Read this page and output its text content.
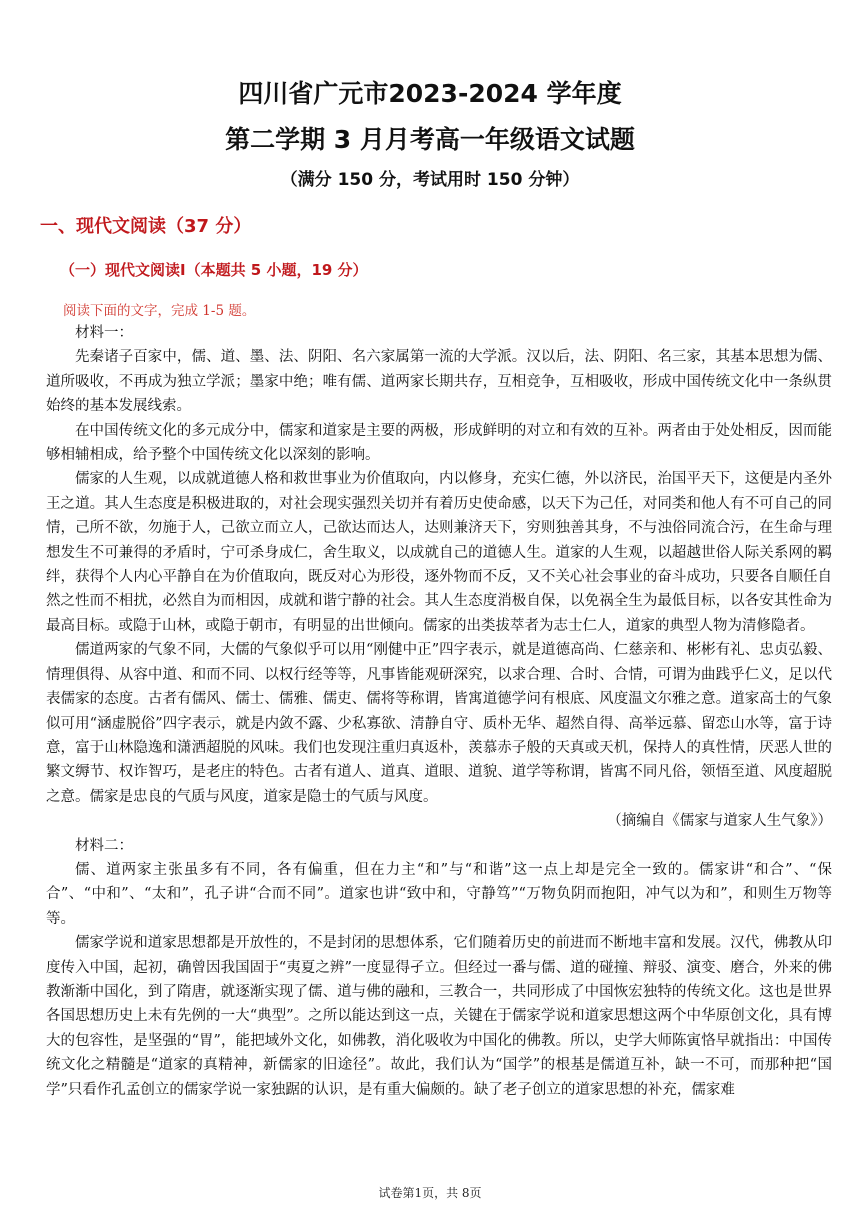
四川省广元市2023-2024 学年度
第二学期 3 月月考高一年级语文试题
（满分 150 分，考试用时 150 分钟）
一、现代文阅读（37 分）
（一）现代文阅读Ⅰ（本题共 5 小题，19 分）
阅读下面的文字，完成 1-5 题。

材料一：

先秦诸子百家中，儒、道、墨、法、阴阳、名六家属第一流的大学派。汉以后，法、阴阳、名三家，其基本思想为儒、道所吸收，不再成为独立学派；墨家中绝；唯有儒、道两家长期共存，互相竞争，互相吸收，形成中国传统文化中一条纵贯始终的基本发展线索。

在中国传统文化的多元成分中，儒家和道家是主要的两极，形成鲜明的对立和有效的互补。两者由于处处相反，因而能够相辅相成，给予整个中国传统文化以深刻的影响。

儒家的人生观，以成就道德人格和救世事业为价值取向，内以修身，充实仁德，外以济民，治国平天下，这便是内圣外王之道。其人生态度是积极进取的，对社会现实强烈关切并有着历史使命感，以天下为己任，对同类和他人有不可自己的同情，己所不欲，勿施于人，己欲立而立人，己欲达而达人，达则兼济天下，穷则独善其身，不与浊俗同流合污，在生命与理想发生不可兼得的矛盾时，宁可杀身成仁，舍生取义，以成就自己的道德人生。道家的人生观，以超越世俗人际关系网的羁绊，获得个人内心平静自在为价值取向，既反对心为形役，逐外物而不反，又不关心社会事业的奋斗成功，只要各自顺任自然之性而不相扰，必然自为而相因，成就和谐宁静的社会。其人生态度消极自保，以免祸全生为最低目标，以各安其性命为最高目标。或隐于山林，或隐于朝市，有明显的出世倾向。儒家的出类拔萃者为志士仁人，道家的典型人物为清修隐者。

儒道两家的气象不同，大儒的气象似乎可以用“刚健中正”四字表示，就是道德高尚、仁慈亲和、彬彬有礼、忠贞弘毅、情理俱得、从容中道、和而不同、以权行经等等，凡事皆能观研深究，以求合理、合时、合情，可谓为曲践乎仁义，足以代表儒家的态度。古者有儒风、儒士、儒雅、儒吏、儒将等称谓，皆寓道德学问有根底、风度温文尔雅之意。道家高士的气象似可用“涵虚脱俗”四字表示，就是内敛不露、少私寡欲、清静自守、质朴无华、超然自得、高举远慕、留恋山水等，富于诗意，富于山林隐逸和潇洒超脱的风味。我们也发现注重归真返朴，羡慕赤子般的天真或天机，保持人的真性情，厌恶人世的繁文缛节、权诈智巧，是老庄的特色。古者有道人、道真、道眼、道貌、道学等称谓，皆寓不同凡俗，领悟至道、风度超脱之意。儒家是忠良的气质与风度，道家是隐士的气质与风度。

（摘编自《儒家与道家人生气象》）

材料二：

儒、道两家主张虽多有不同，各有偏重，但在力主“和”与“和谐”这一点上却是完全一致的。儒家讲“和合”、“保合”、“中和”、“太和”，孔子讲“合而不同”。道家也讲“致中和，守静笃”“万物负阴而抱阳，冲气以为和”，和则生万物等等。

儒家学说和道家思想都是开放性的，不是封闭的思想体系，它们随着历史的前进而不断地丰富和发展。汉代，佛教从印度传入中国，起初，确曾因我国固于“夷夏之辨”一度显得孑立。但经过一番与儒、道的碰撞、辩驳、演变、磨合，外来的佛教渐渐中国化，到了隋唐，就逐渐实现了儒、道与佛的融和，三教合一，共同形成了中国恢宏独特的传统文化。这也是世界各国思想历史上未有先例的一大“典型”。之所以能达到这一点，关键在于儒家学说和道家思想这两个中华原创文化，具有博大的包容性，是坚强的“胃”，能把域外文化，如佛教，消化吸收为中国化的佛教。所以，史学大师陈寅恪早就指出：中国传统文化之精髓是“道家的真精神，新儒家的旧途径”。故此，我们认为“国学”的根基是儒道互补，缺一不可，而那种把“国学”只看作孔孟创立的儒家学说一家独踞的认识，是有重大偏颇的。缺了老子创立的道家思想的补充，儒家难

试卷第1页，共 8页
